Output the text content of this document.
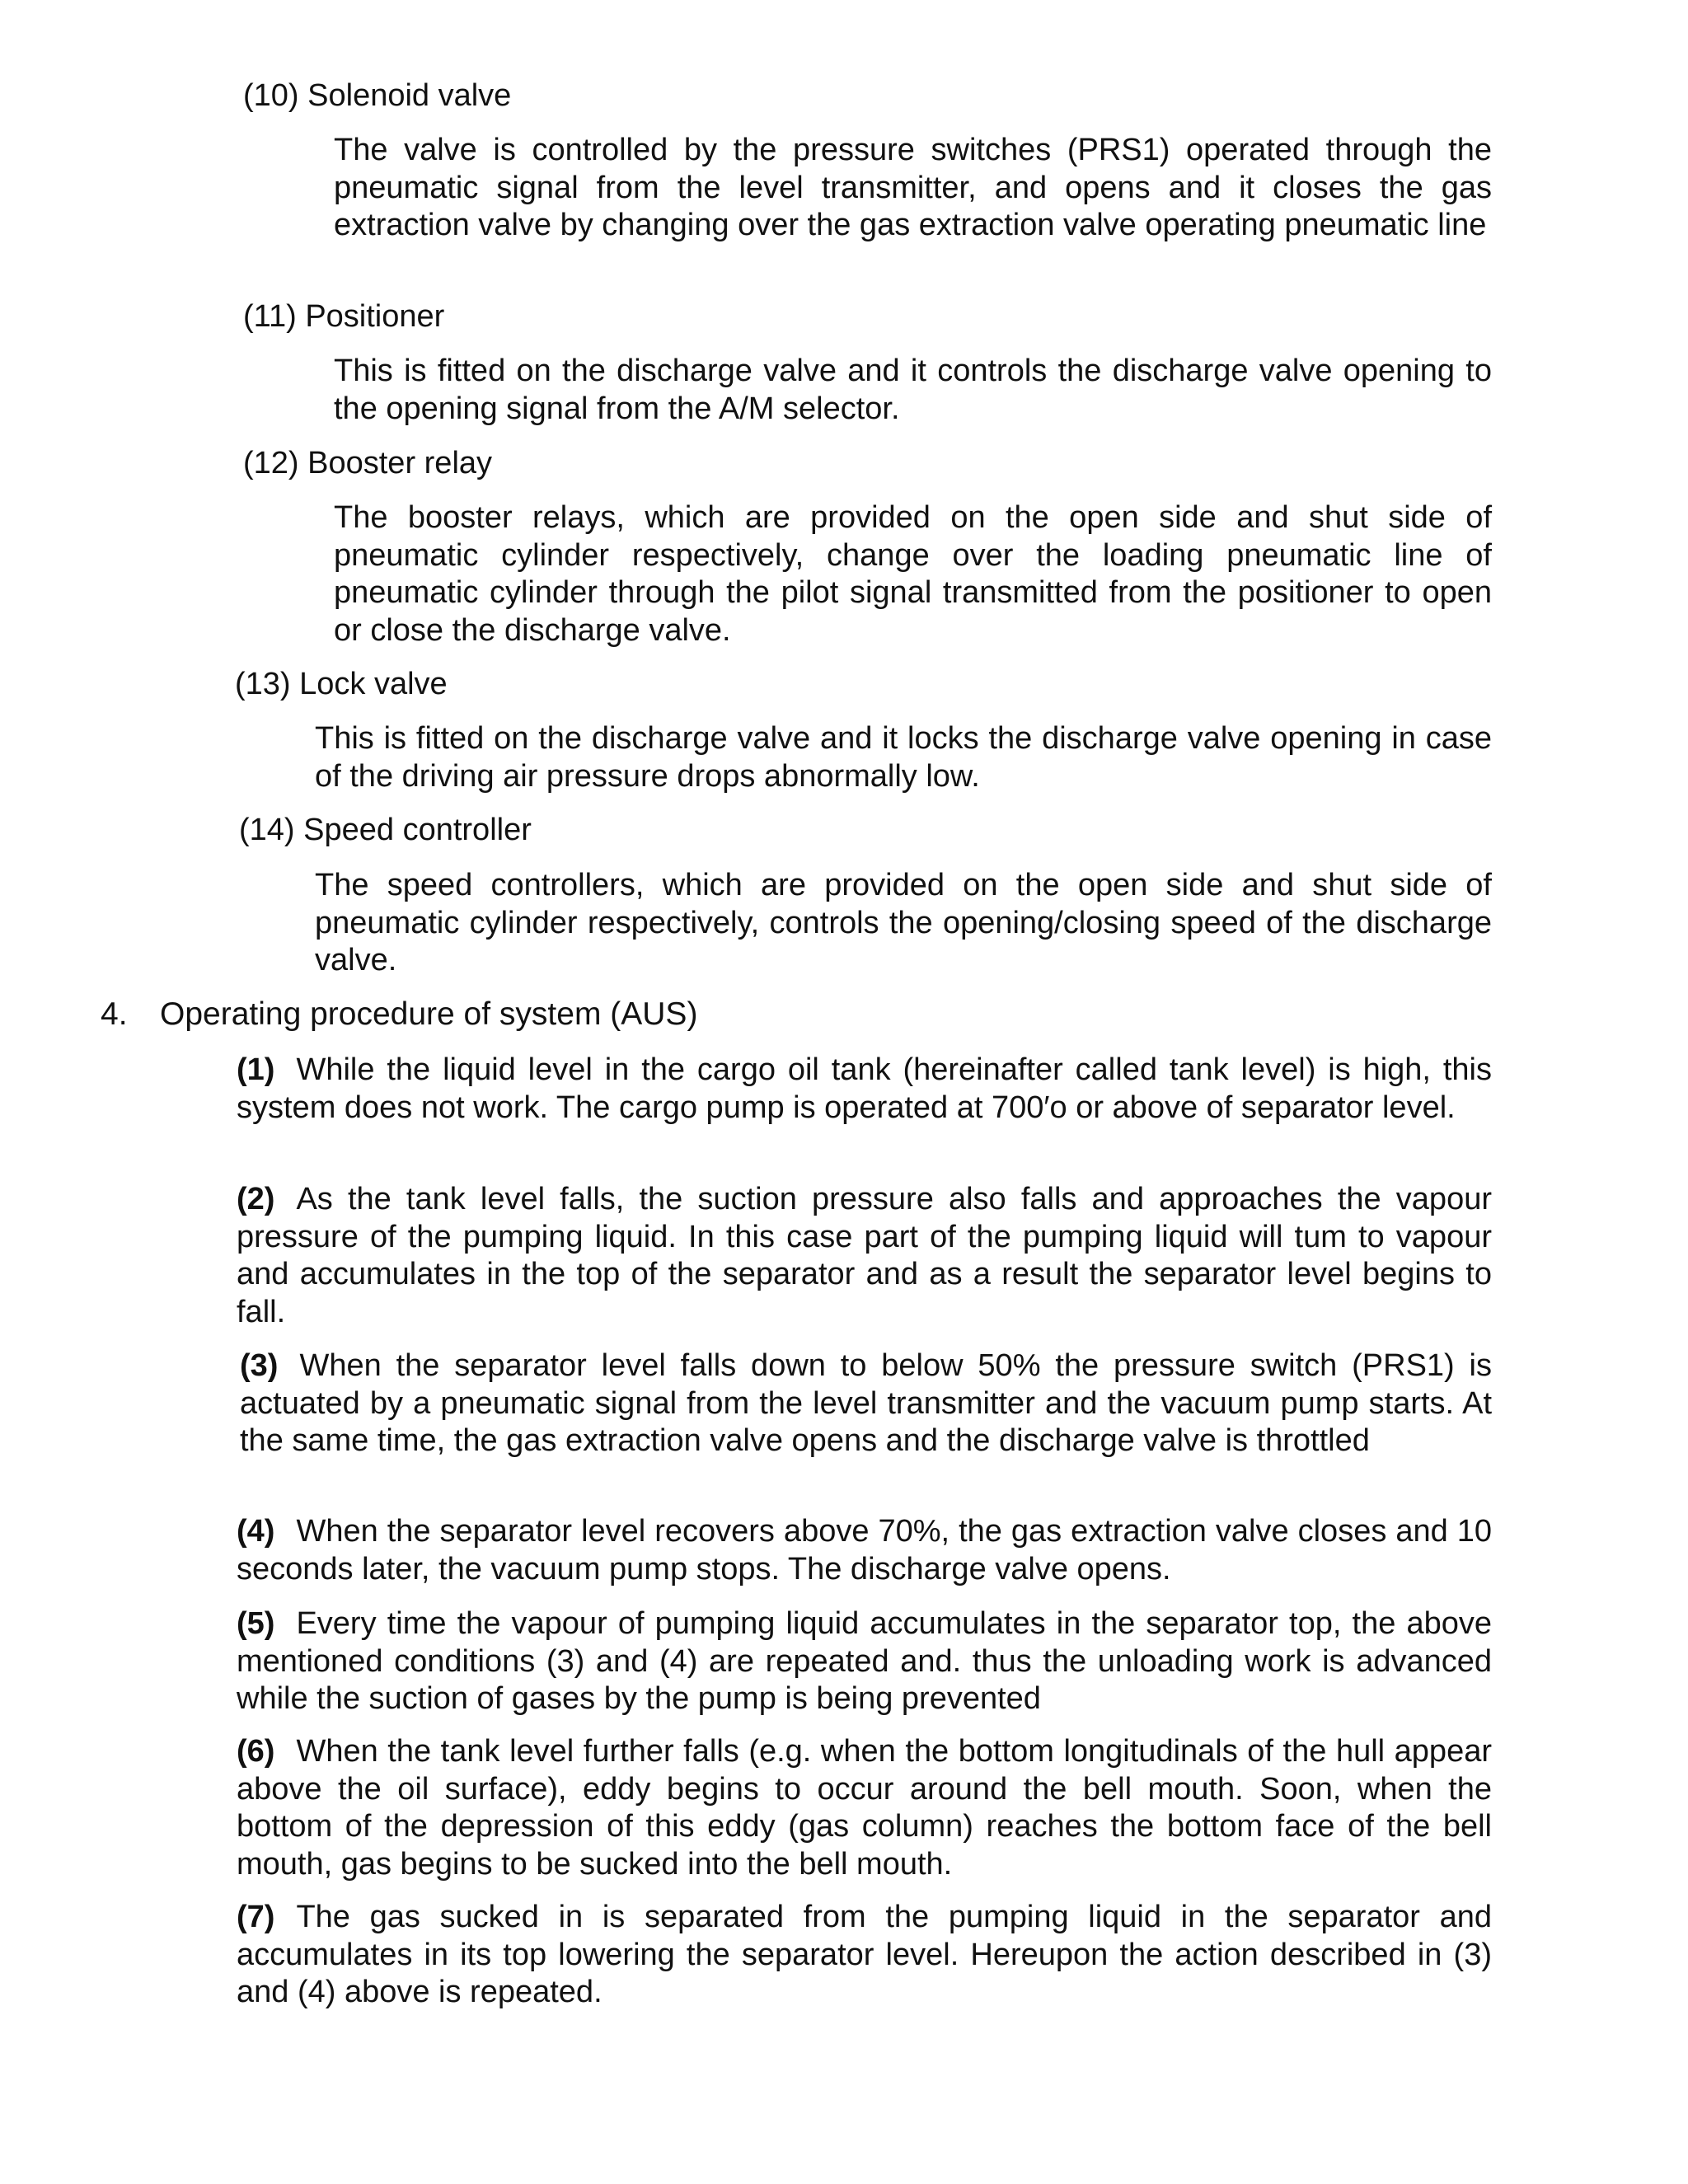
(10) Solenoid valve
The valve is controlled by the pressure switches (PRS1) operated through the pneumatic signal from the level transmitter, and opens and it closes the gas extraction valve by changing over the gas extraction valve operating pneumatic line
(11) Positioner
This is fitted on the discharge valve and it controls the discharge valve opening to the opening signal from the A/M selector.
(12) Booster relay
The booster relays, which are provided on the open side and shut side of pneumatic cylinder respectively, change over the loading pneumatic line of pneumatic cylinder through the pilot signal transmitted from the positioner to open or close the discharge valve.
(13) Lock valve
This is fitted on the discharge valve and it locks the discharge valve opening in case of the driving air pressure drops abnormally low.
(14) Speed controller
The speed controllers, which are provided on the open side and shut side of pneumatic cylinder respectively, controls the opening/closing speed of the discharge valve.
4. Operating procedure of system (AUS)
(1) While the liquid level in the cargo oil tank (hereinafter called tank level) is high, this system does not work. The cargo pump is operated at 700′o or above of separator level.
(2) As the tank level falls, the suction pressure also falls and approaches the vapour pressure of the pumping liquid. In this case part of the pumping liquid will tum to vapour and accumulates in the top of the separator and as a result the separator level begins to fall.
(3) When the separator level falls down to below 50% the pressure switch (PRS1) is actuated by a pneumatic signal from the level transmitter and the vacuum pump starts. At the same time, the gas extraction valve opens and the discharge valve is throttled
(4) When the separator level recovers above 70%, the gas extraction valve closes and 10 seconds later, the vacuum pump stops. The discharge valve opens.
(5) Every time the vapour of pumping liquid accumulates in the separator top, the above mentioned conditions (3) and (4) are repeated and. thus the unloading work is advanced while the suction of gases by the pump is being prevented
(6) When the tank level further falls (e.g. when the bottom longitudinals of the hull appear above the oil surface), eddy begins to occur around the bell mouth. Soon, when the bottom of the depression of this eddy (gas column) reaches the bottom face of the bell mouth, gas begins to be sucked into the bell mouth.
(7) The gas sucked in is separated from the pumping liquid in the separator and accumulates in its top lowering the separator level. Hereupon the action described in (3) and (4) above is repeated.
